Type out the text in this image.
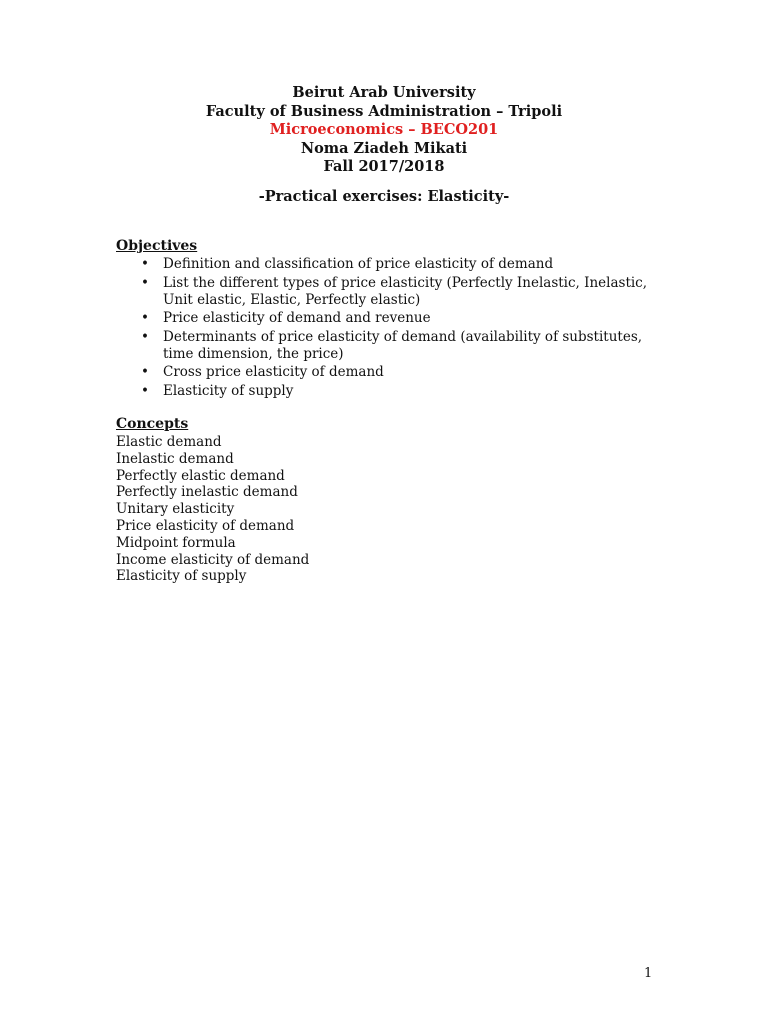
Beirut Arab University
Faculty of Business Administration – Tripoli
Microeconomics – BECO201
Noma Ziadeh Mikati
Fall 2017/2018
-Practical exercises: Elasticity-
Objectives
• Definition and classification of price elasticity of demand
• List the different types of price elasticity (Perfectly Inelastic, Inelastic, Unit elastic, Elastic, Perfectly elastic)
• Price elasticity of demand and revenue
• Determinants of price elasticity of demand (availability of substitutes, time dimension, the price)
• Cross price elasticity of demand
• Elasticity of supply
Concepts
Elastic demand
Inelastic demand
Perfectly elastic demand
Perfectly inelastic demand
Unitary elasticity
Price elasticity of demand
Midpoint formula
Income elasticity of demand
Elasticity of supply
1
